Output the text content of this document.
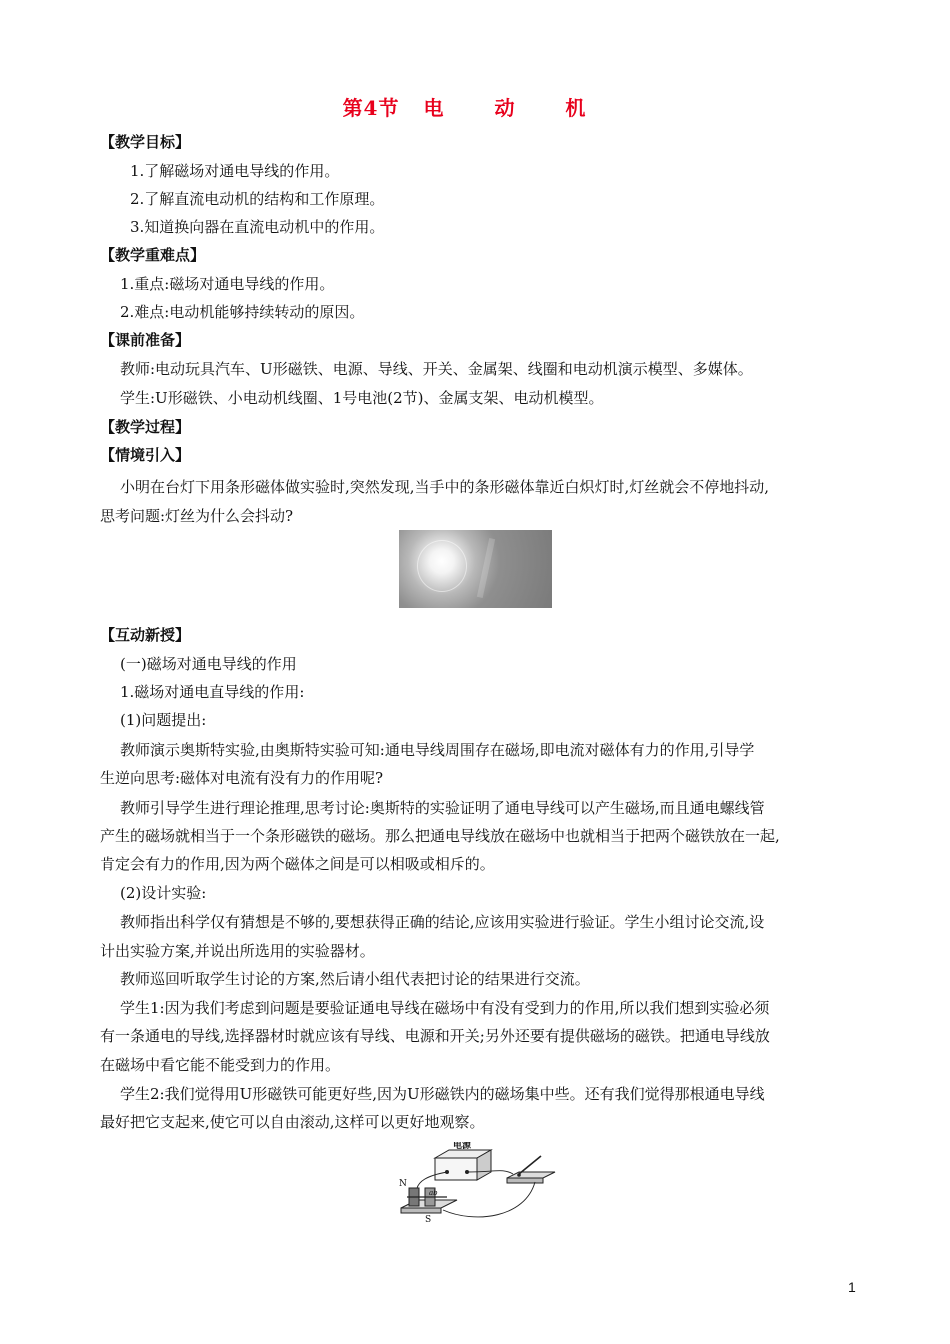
第4节 电 动 机
【教学目标】
1.了解磁场对通电导线的作用。
2.了解直流电动机的结构和工作原理。
3.知道换向器在直流电动机中的作用。
【教学重难点】
1.重点:磁场对通电导线的作用。
2.难点:电动机能够持续转动的原因。
【课前准备】
教师:电动玩具汽车、U形磁铁、电源、导线、开关、金属架、线圈和电动机演示模型、多媒体。
学生:U形磁铁、小电动机线圈、1号电池(2节)、金属支架、电动机模型。
【教学过程】
【情境引入】
小明在台灯下用条形磁体做实验时,突然发现,当手中的条形磁体靠近白炽灯时,灯丝就会不停地抖动,
思考问题:灯丝为什么会抖动?
【互动新授】
(一)磁场对通电导线的作用
1.磁场对通电直导线的作用:
(1)问题提出:
教师演示奥斯特实验,由奥斯特实验可知:通电导线周围存在磁场,即电流对磁体有力的作用,引导学
生逆向思考:磁体对电流有没有力的作用呢?
教师引导学生进行理论推理,思考讨论:奥斯特的实验证明了通电导线可以产生磁场,而且通电螺线管
产生的磁场就相当于一个条形磁铁的磁场。那么把通电导线放在磁场中也就相当于把两个磁铁放在一起,
肯定会有力的作用,因为两个磁体之间是可以相吸或相斥的。
(2)设计实验:
教师指出科学仅有猜想是不够的,要想获得正确的结论,应该用实验进行验证。学生小组讨论交流,设
计出实验方案,并说出所选用的实验器材。
教师巡回听取学生讨论的方案,然后请小组代表把讨论的结果进行交流。
学生1:因为我们考虑到问题是要验证通电导线在磁场中有没有受到力的作用,所以我们想到实验必须
有一条通电的导线,选择器材时就应该有导线、电源和开关;另外还要有提供磁场的磁铁。把通电导线放
在磁场中看它能不能受到力的作用。
学生2:我们觉得用U形磁铁可能更好些,因为U形磁铁内的磁场集中些。还有我们觉得那根通电导线
最好把它支起来,使它可以自由滚动,这样可以更好地观察。
电源
N
S
ab
1
